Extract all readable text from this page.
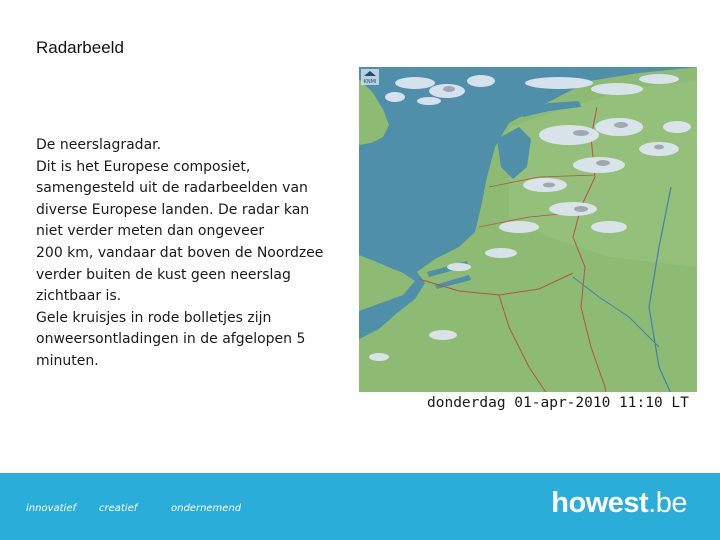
Radarbeeld
De neerslagradar.
Dit is het Europese composiet,
samengesteld uit de radarbeelden van
diverse Europese landen. De radar kan
niet verder meten dan ongeveer
200 km, vandaar dat boven de Noordzee
verder buiten de kust geen neerslag
zichtbaar is.
Gele kruisjes in rode bolletjes zijn
onweersontladingen in de afgelopen 5
minuten.
KNMI
donderdag 01-apr-2010 11:10 LT
innovatief creatief	ondernemend	howest.be
